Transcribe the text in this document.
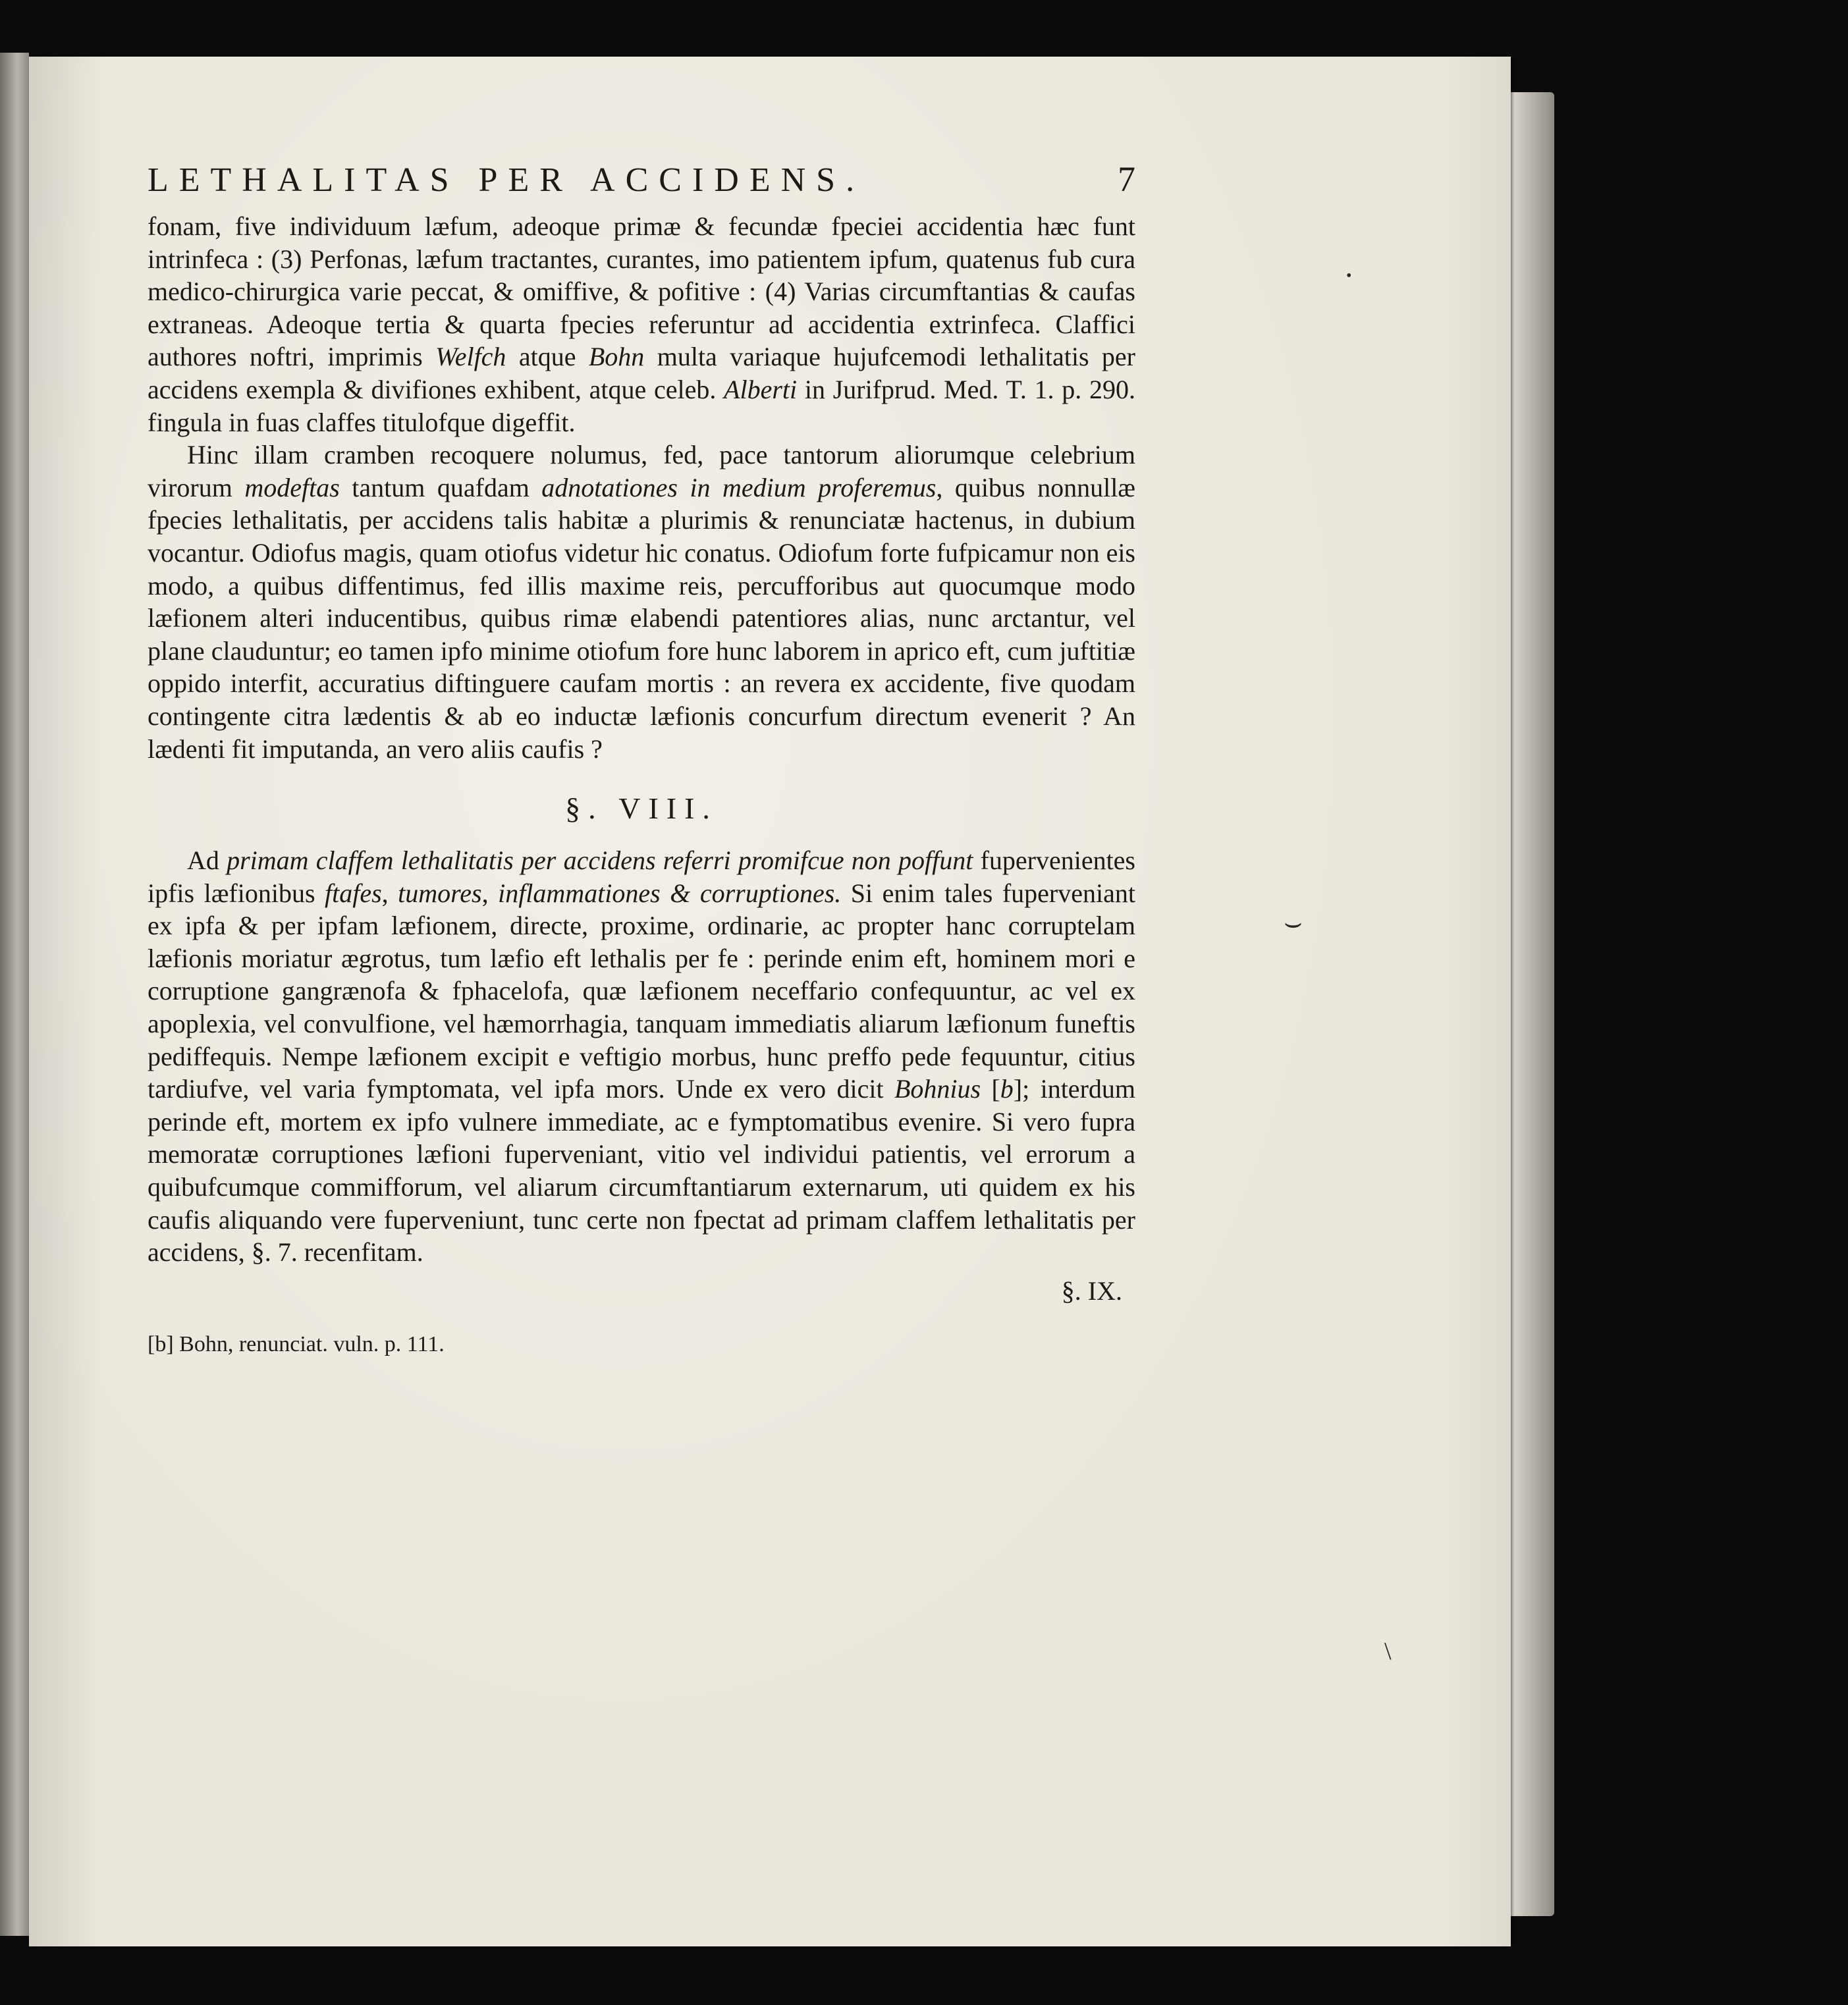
LETHALITAS PER ACCIDENS.	7

fonam, five individuum læfum, adeoque primæ & fecundæ fpeciei accidentia hæc funt intrinfeca : (3) Perfonas, læfum tractantes, curantes, imo patientem ipfum, quatenus fub cura medico-chirurgica varie peccat, & omiffive, & pofitive : (4) Varias circumftantias & caufas extraneas. Adeoque tertia & quarta fpecies referuntur ad accidentia extrinfeca. Claffici authores noftri, imprimis Welfch atque Bohn multa variaque hujufcemodi lethalitatis per accidens exempla & divifiones exhibent, atque celeb. Alberti in Jurifprud. Med. T. 1. p. 290. fingula in fuas claffes titulofque digeffit.

Hinc illam cramben recoquere nolumus, fed, pace tantorum aliorumque celebrium virorum modeftas tantum quafdam adnotationes in medium proferemus, quibus nonnullæ fpecies lethalitatis, per accidens talis habitæ a plurimis & renunciatæ hactenus, in dubium vocantur. Odiofus magis, quam otiofus videtur hic conatus. Odiofum forte fufpicamur non eis modo, a quibus diffentimus, fed illis maxime reis, percufforibus aut quocumque modo læfionem alteri inducentibus, quibus rimæ elabendi patentiores alias, nunc arctantur, vel plane clauduntur; eo tamen ipfo minime otiofum fore hunc laborem in aprico eft, cum juftitiæ oppido interfit, accuratius diftinguere caufam mortis : an revera ex accidente, five quodam contingente citra lædentis & ab eo inductæ læfionis concurfum directum evenerit ? An lædenti fit imputanda, an vero aliis caufis ?

§. VIII.

Ad primam claffem lethalitatis per accidens referri promifcue non poffunt fupervenientes ipfis læfionibus ftafes, tumores, inflammationes & corruptiones. Si enim tales fuperveniant ex ipfa & per ipfam læfionem, directe, proxime, ordinarie, ac propter hanc corruptelam læfionis moriatur ægrotus, tum læfio eft lethalis per fe : perinde enim eft, hominem mori e corruptione gangrænofa & fphacelofa, quæ læfionem neceffario confequuntur, ac vel ex apoplexia, vel convulfione, vel hæmorrhagia, tanquam immediatis aliarum læfionum funeftis pediffequis. Nempe læfionem excipit e veftigio morbus, hunc preffo pede fequuntur, citius tardiufve, vel varia fymptomata, vel ipfa mors. Unde ex vero dicit Bohnius [b]; interdum perinde eft, mortem ex ipfo vulnere immediate, ac e fymptomatibus evenire. Si vero fupra memoratæ corruptiones læfioni fuperveniant, vitio vel individui patientis, vel errorum a quibufcumque commifforum, vel aliarum circumftantiarum externarum, uti quidem ex his caufis aliquando vere fuperveniunt, tunc certe non fpectat ad primam claffem lethalitatis per accidens, §. 7. recenfitam.

§. IX.
[b] Bohn, renunciat. vuln. p. 111.
⌣
\
•
